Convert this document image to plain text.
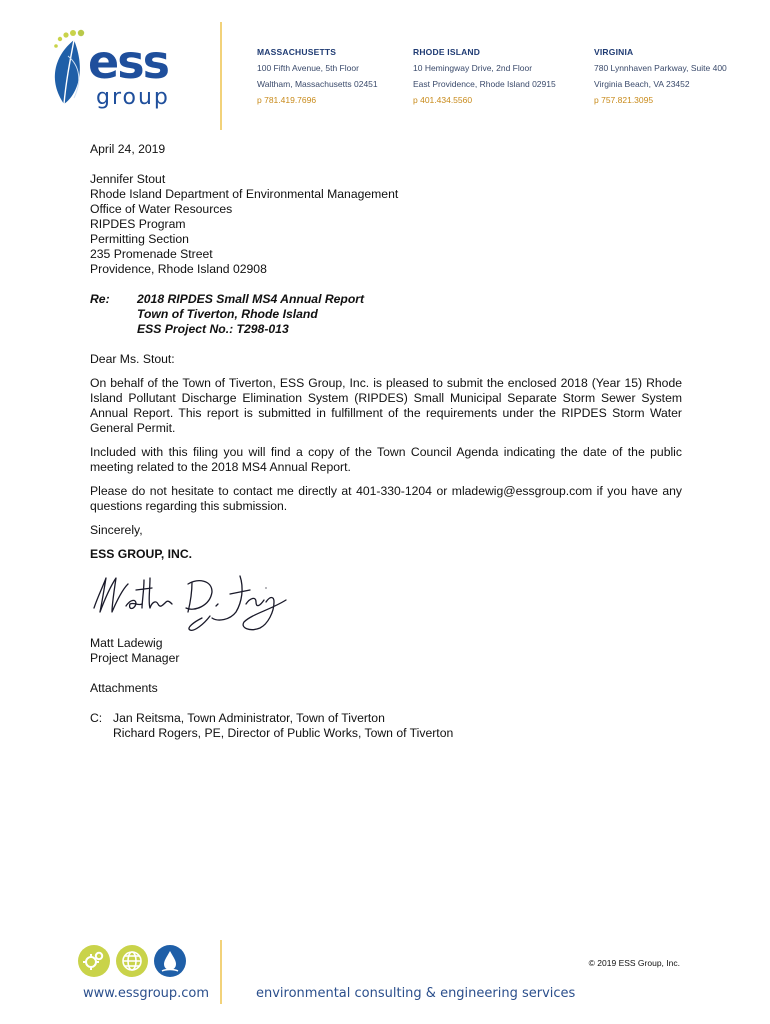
ess
group
MASSACHUSETTS
100 Fifth Avenue, 5th Floor
Waltham, Massachusetts 02451
p 781.419.7696
RHODE ISLAND
10 Hemingway Drive, 2nd Floor
East Providence, Rhode Island 02915
p 401.434.5560
VIRGINIA
780 Lynnhaven Parkway, Suite 400
Virginia Beach, VA 23452
p 757.821.3095

April 24, 2019

Jennifer Stout
Rhode Island Department of Environmental Management
Office of Water Resources
RIPDES Program
Permitting Section
235 Promenade Street
Providence, Rhode Island 02908
Re:	2018 RIPDES Small MS4 Annual Report
Town of Tiverton, Rhode Island
ESS Project No.: T298-013

Dear Ms. Stout:

On behalf of the Town of Tiverton, ESS Group, Inc. is pleased to submit the enclosed 2018 (Year 15) Rhode Island Pollutant Discharge Elimination System (RIPDES) Small Municipal Separate Storm Sewer System Annual Report. This report is submitted in fulfillment of the requirements under the RIPDES Storm Water General Permit.

Included with this filing you will find a copy of the Town Council Agenda indicating the date of the public meeting related to the 2018 MS4 Annual Report.

Please do not hesitate to contact me directly at 401-330-1204 or mladewig@essgroup.com if you have any questions regarding this submission.

Sincerely,

ESS GROUP, INC.

Matt Ladewig
Project Manager
Attachments
C: Jan Reitsma, Town Administrator, Town of Tiverton
Richard Rogers, PE, Director of Public Works, Town of Tiverton
© 2019 ESS Group, Inc.
www.essgroup.com	environmental consulting & engineering services
